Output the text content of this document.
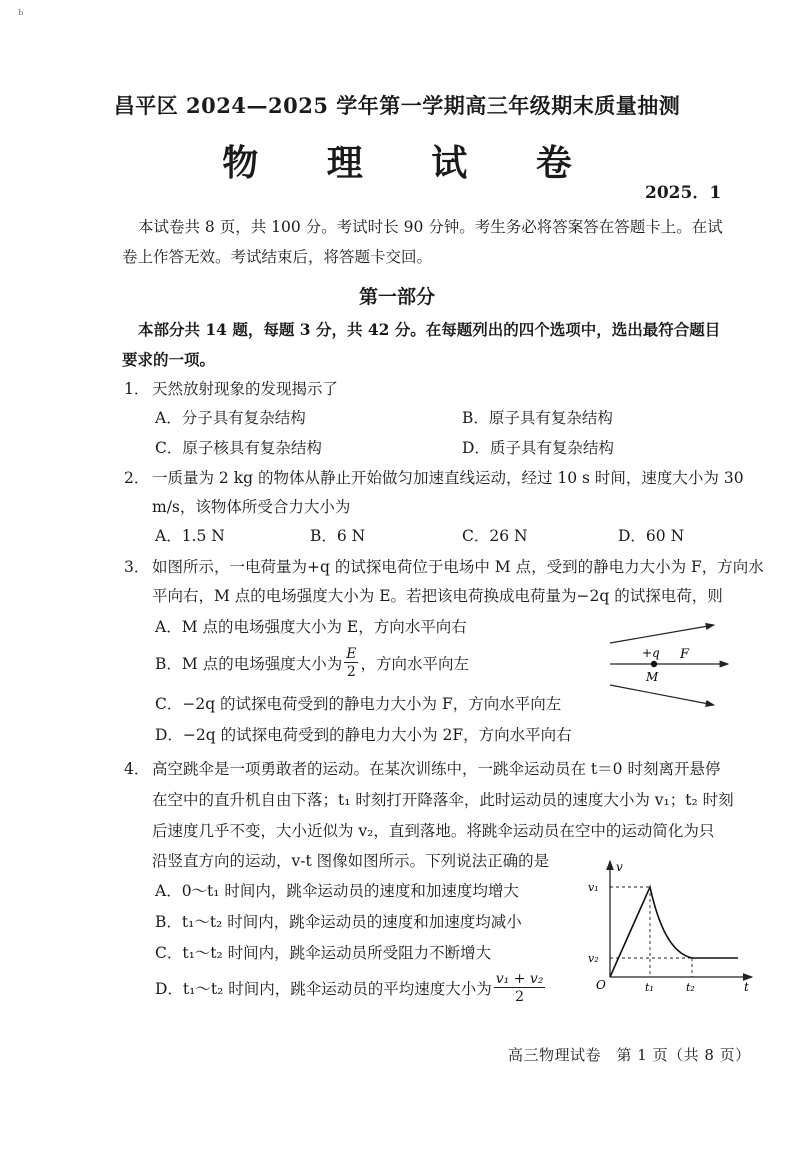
Ь
昌平区 2024—2025 学年第一学期高三年级期末质量抽测
物 理 试 卷
2025．1
本试卷共 8 页，共 100 分。考试时长 90 分钟。考生务必将答案答在答题卡上。在试
卷上作答无效。考试结束后，将答题卡交回。
第一部分
本部分共 14 题，每题 3 分，共 42 分。在每题列出的四个选项中，选出最符合题目
要求的一项。
1． 天然放射现象的发现揭示了
A．分子具有复杂结构	B．原子具有复杂结构
C．原子核具有复杂结构	D．质子具有复杂结构
2． 一质量为 2 kg 的物体从静止开始做匀加速直线运动，经过 10 s 时间，速度大小为 30
m/s，该物体所受合力大小为
A．1.5 N	B．6 N	C．26 N	D．60 N
3． 如图所示，一电荷量为+q 的试探电荷位于电场中 M 点，受到的静电力大小为 F，方向水
平向右，M 点的电场强度大小为 E。若把该电荷换成电荷量为−2q 的试探电荷，则
A．M 点的电场强度大小为 E，方向水平向右
B．M 点的电场强度大小为 $\frac{E}{2}$ ，方向水平向左
C．−2q 的试探电荷受到的静电力大小为 F，方向水平向左
D．−2q 的试探电荷受到的静电力大小为 2F，方向水平向右
+q F
M
4． 高空跳伞是一项勇敢者的运动。在某次训练中，一跳伞运动员在 t＝0 时刻离开悬停
在空中的直升机自由下落；t₁ 时刻打开降落伞，此时运动员的速度大小为 v₁；t₂ 时刻
后速度几乎不变，大小近似为 v₂，直到落地。将跳伞运动员在空中的运动简化为只
沿竖直方向的运动，v-t 图像如图所示。下列说法正确的是
A．0～t₁ 时间内，跳伞运动员的速度和加速度均增大
B．t₁～t₂ 时间内，跳伞运动员的速度和加速度均减小
C．t₁～t₂ 时间内，跳伞运动员所受阻力不断增大
D．t₁～t₂ 时间内，跳伞运动员的平均速度大小为 $\frac{\text{v₁ + v₂}}{2}$
v
t
O
v₁
v₂
t₁	t₂
高三物理试卷　第 1 页（共 8 页）
